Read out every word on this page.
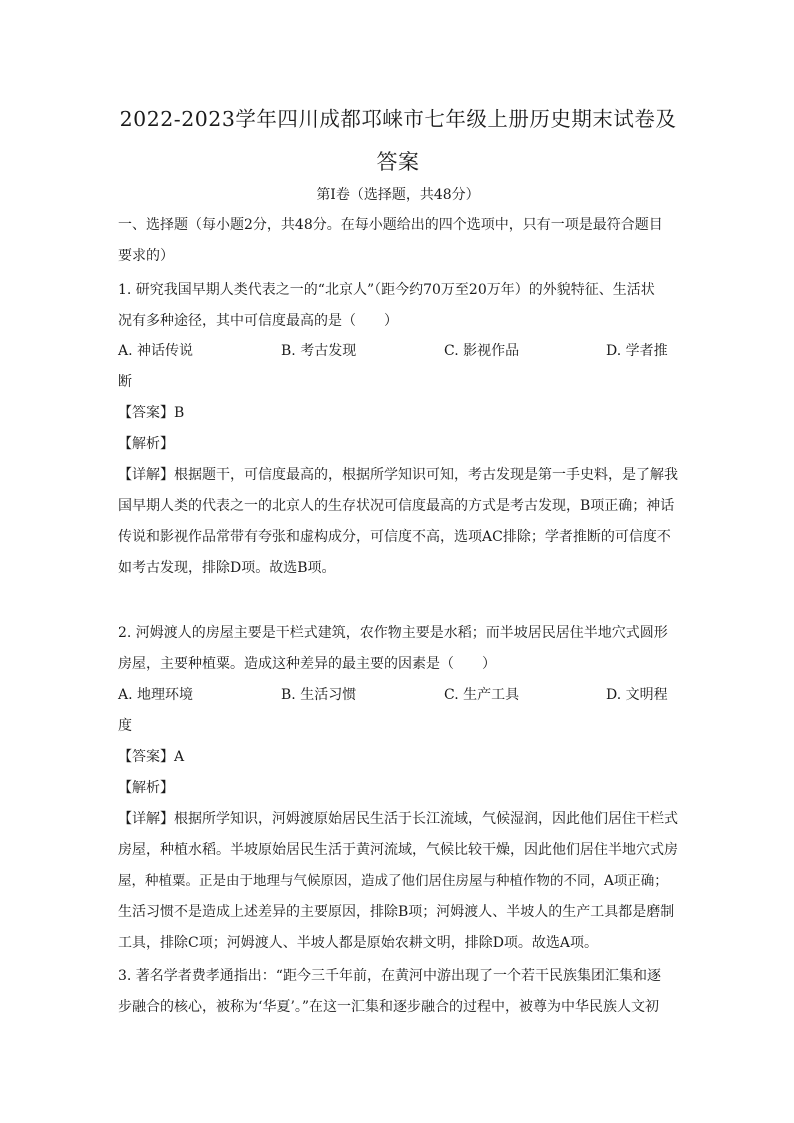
2022-2023学年四川成都邛崃市七年级上册历史期末试卷及
答案
第Ⅰ卷（选择题，共48分）
一、选择题（每小题2分，共48分。在每小题给出的四个选项中，只有一项是最符合题目
要求的）
1. 研究我国早期人类代表之一的“北京人”（距今约70万至20万年）的外貌特征、生活状
况有多种途径，其中可信度最高的是（　　）
A. 神话传说	B. 考古发现	C. 影视作品	D. 学者推
断
【答案】B
【解析】
【详解】根据题干，可信度最高的，根据所学知识可知，考古发现是第一手史料，是了解我
国早期人类的代表之一的北京人的生存状况可信度最高的方式是考古发现，B项正确；神话
传说和影视作品常带有夸张和虚构成分，可信度不高，选项AC排除；学者推断的可信度不
如考古发现，排除D项。故选B项。
2. 河姆渡人的房屋主要是干栏式建筑，农作物主要是水稻；而半坡居民居住半地穴式圆形
房屋，主要种植粟。造成这种差异的最主要的因素是（　　）
A. 地理环境	B. 生活习惯	C. 生产工具	D. 文明程
度
【答案】A
【解析】
【详解】根据所学知识，河姆渡原始居民生活于长江流域，气候湿润，因此他们居住干栏式
房屋，种植水稻。半坡原始居民生活于黄河流域，气候比较干燥，因此他们居住半地穴式房
屋，种植粟。正是由于地理与气候原因，造成了他们居住房屋与种植作物的不同，A项正确；
生活习惯不是造成上述差异的主要原因，排除B项；河姆渡人、半坡人的生产工具都是磨制
工具，排除C项；河姆渡人、半坡人都是原始农耕文明，排除D项。故选A项。
3. 著名学者费孝通指出：“距今三千年前，在黄河中游出现了一个若干民族集团汇集和逐
步融合的核心，被称为‘华夏’。”在这一汇集和逐步融合的过程中，被尊为中华民族人文初
